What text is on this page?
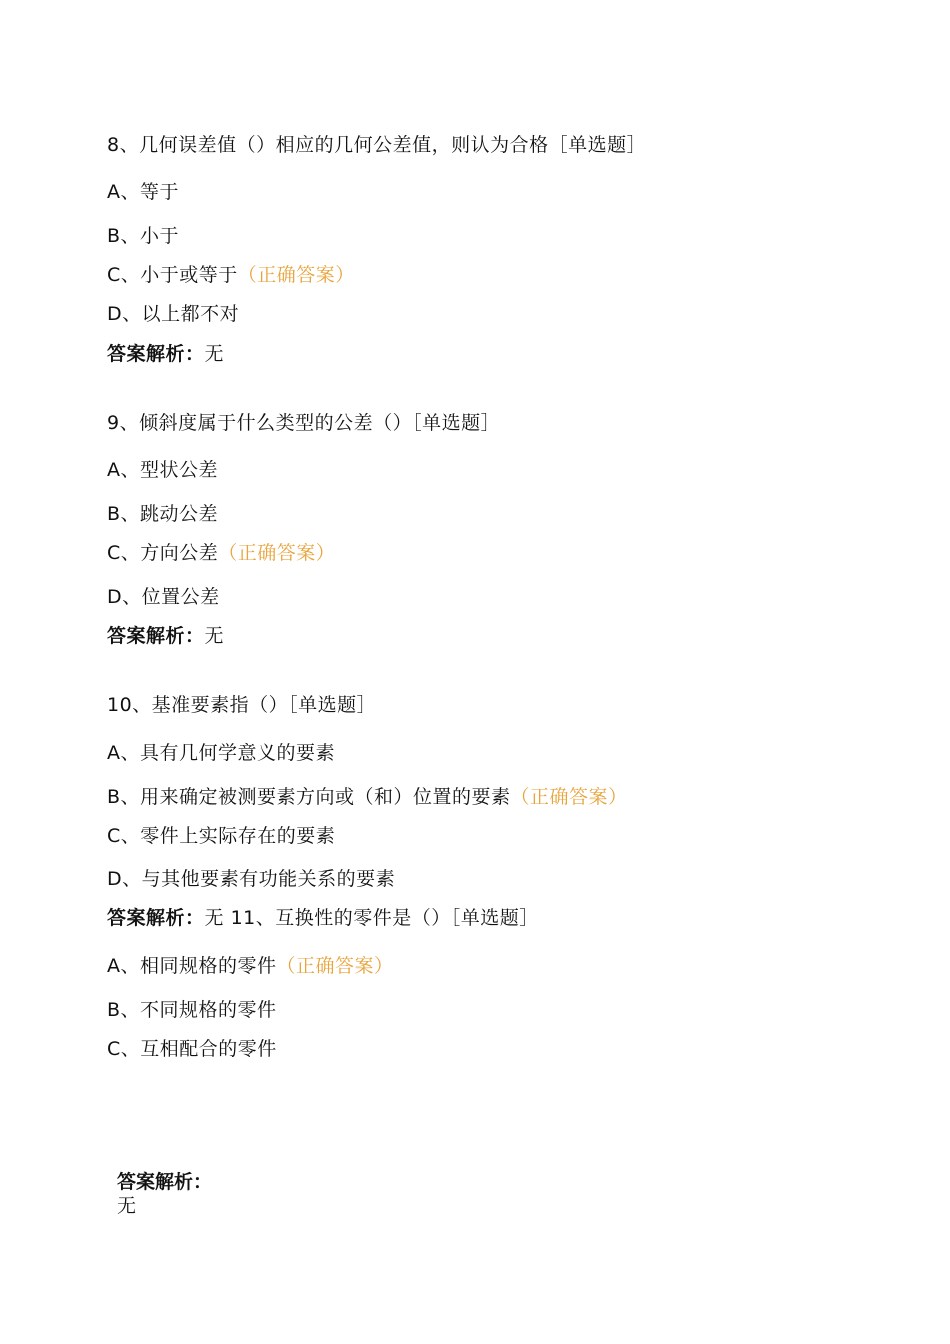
8、几何误差值（）相应的几何公差值，则认为合格［单选题］
A、等于
B、小于
C、小于或等于（正确答案）
D、以上都不对
答案解析：无
9、倾斜度属于什么类型的公差（）［单选题］
A、型状公差
B、跳动公差
C、方向公差（正确答案）
D、位置公差
答案解析：无
10、基准要素指（）［单选题］
A、具有几何学意义的要素
B、用来确定被测要素方向或（和）位置的要素（正确答案）
C、零件上实际存在的要素
D、与其他要素有功能关系的要素
答案解析：无 11、互换性的零件是（）［单选题］
A、相同规格的零件（正确答案）
B、不同规格的零件
C、互相配合的零件
答案解析：
无
